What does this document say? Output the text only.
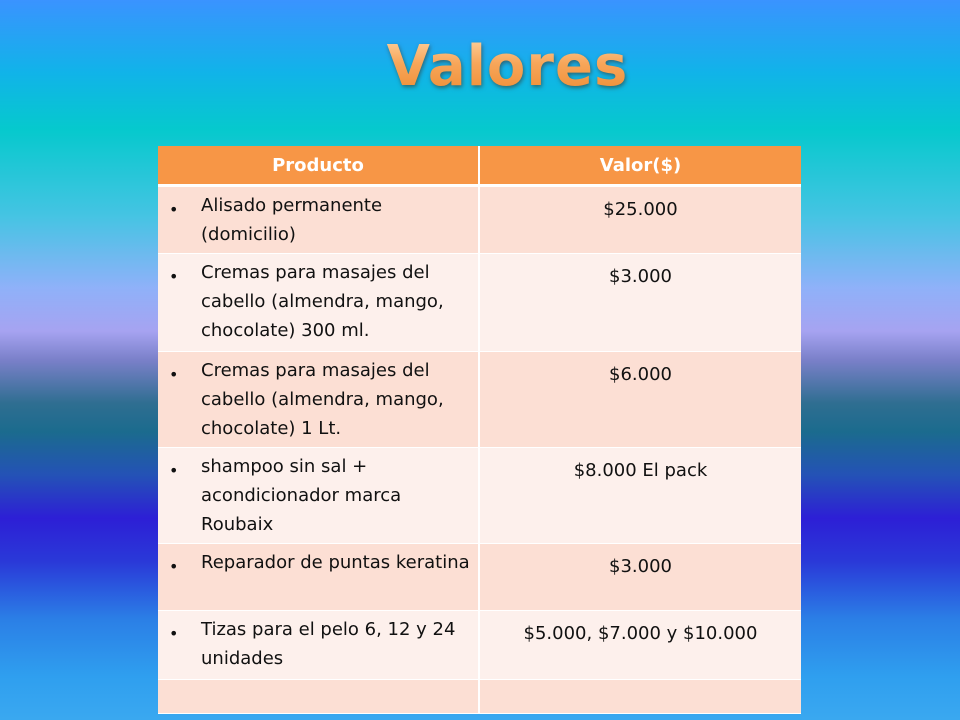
Valores
Producto	Valor($)

• Alisado permanente (domicilio)	$25.000

• Cremas para masajes del cabello (almendra, mango, chocolate) 300 ml.	$3.000

• Cremas para masajes del cabello (almendra, mango, chocolate) 1 Lt.	$6.000

• shampoo sin sal + acondicionador marca Roubaix	$8.000 El pack

• Reparador de puntas keratina	$3.000

• Tizas para el pelo 6, 12 y 24 unidades	$5.000, $7.000 y $10.000
